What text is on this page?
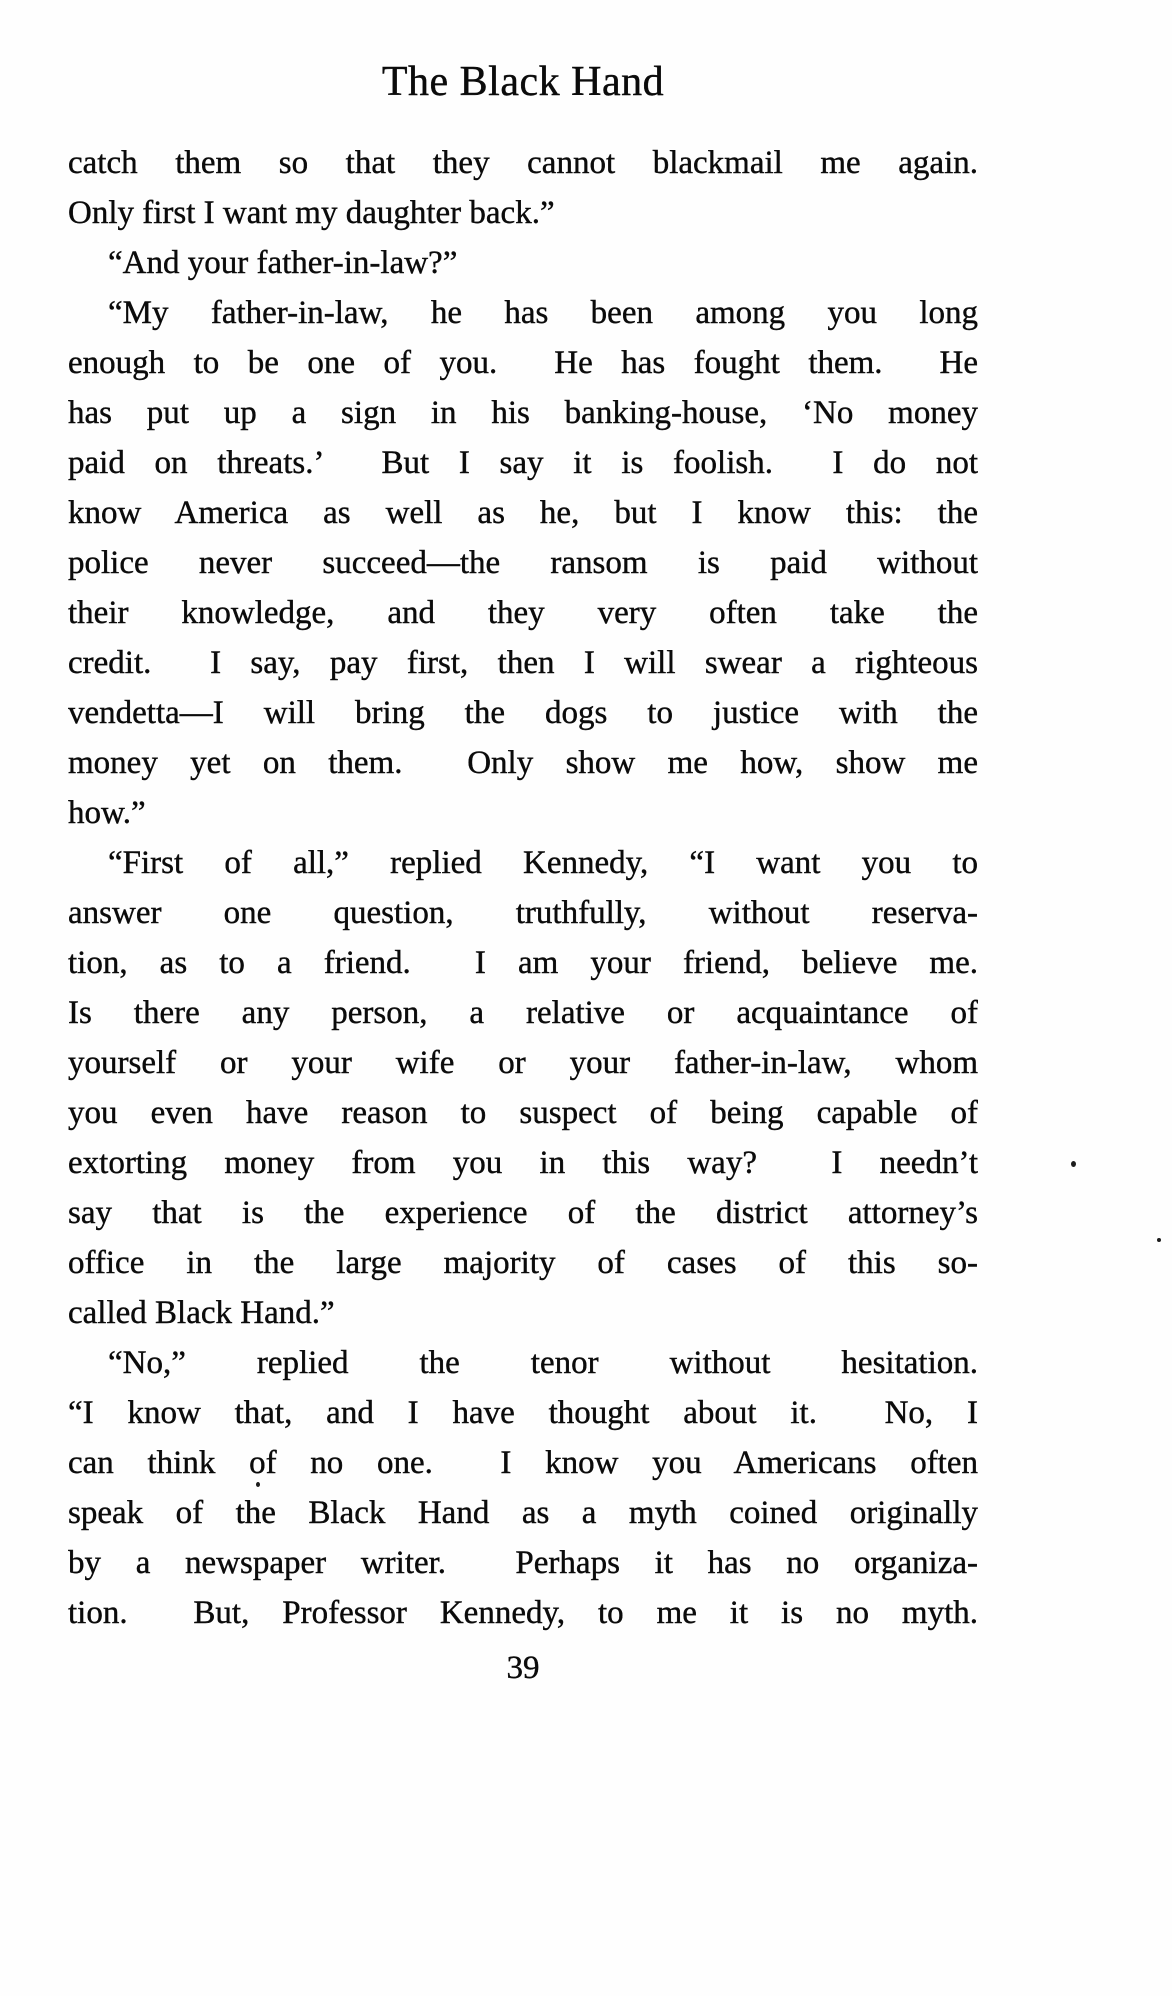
The Black Hand
catch them so that they cannot blackmail me again.
Only first I want my daughter back.”
“And your father-in-law?”
“My father-in-law, he has been among you long
enough to be one of you.  He has fought them.  He
has put up a sign in his banking-house, ‘No money
paid on threats.’  But I say it is foolish.  I do not
know America as well as he, but I know this: the
police never succeed—the ransom is paid without
their knowledge, and they very often take the
credit.  I say, pay first, then I will swear a righteous
vendetta—I will bring the dogs to justice with the
money yet on them.  Only show me how, show me
how.”
“First of all,” replied Kennedy, “I want you to
answer one question, truthfully, without reserva-
tion, as to a friend.  I am your friend, believe me.
Is there any person, a relative or acquaintance of
yourself or your wife or your father-in-law, whom
you even have reason to suspect of being capable of
extorting money from you in this way?  I needn’t
say that is the experience of the district attorney’s
office in the large majority of cases of this so-
called Black Hand.”
“No,” replied the tenor without hesitation.
“I know that, and I have thought about it.  No, I
can think of no one.  I know you Americans often
speak of the Black Hand as a myth coined originally
by a newspaper writer.  Perhaps it has no organiza-
tion.  But, Professor Kennedy, to me it is no myth.
39
